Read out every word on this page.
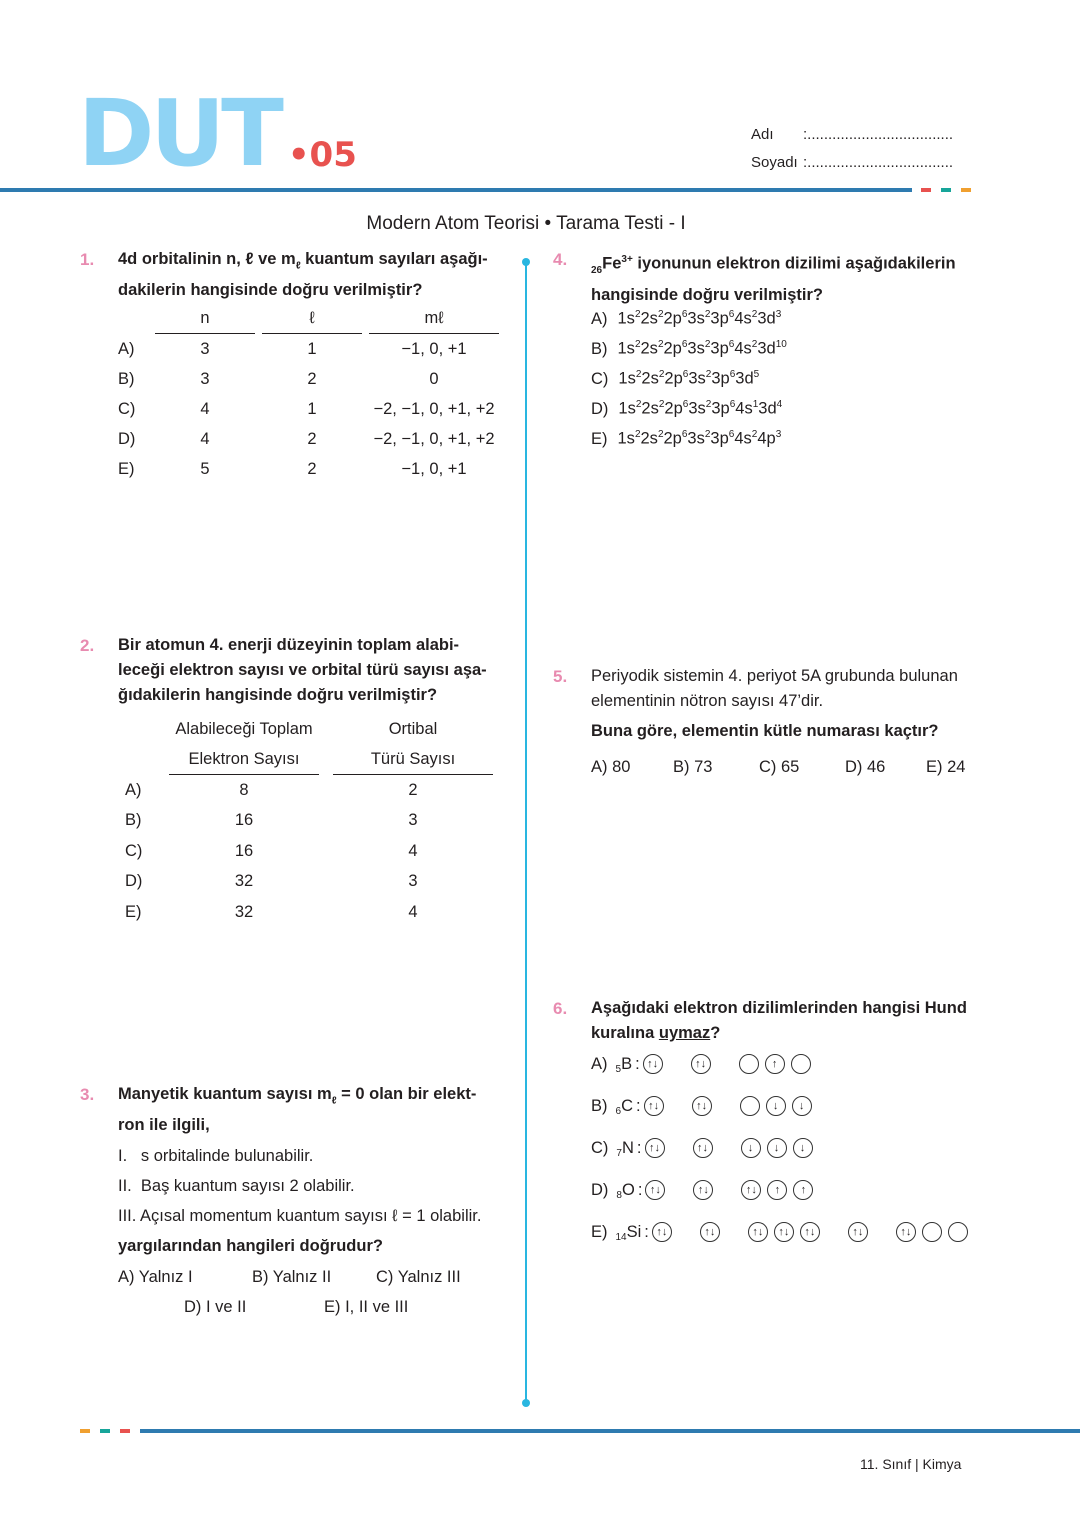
DUT •05
Adı :...................................
Soyadı :...................................
Modern Atom Teorisi • Tarama Testi - I
1. 4d orbitalinin n, ℓ ve $m_\ell$ kuantum sayıları aşağı-
dakilerin hangisinde doğru verilmiştir?
	n	ℓ	mℓ
A)	3	1	−1, 0, +1
B)	3	2	0
C)	4	1	−2, −1, 0, +1, +2
D)	4	2	−2, −1, 0, +1, +2
E)	5	2	−1, 0, +1
2. Bir atomun 4. enerji düzeyinin toplam alabi-
leceği elektron sayısı ve orbital türü sayısı aşa-
ğıdakilerin hangisinde doğru verilmiştir?
	Alabileceği Toplam	Ortibal
	Elektron Sayısı	Türü Sayısı
A)	8	2
B)	16	3
C)	16	4
D)	32	3
E)	32	4
3. Manyetik kuantum sayısı $m_\ell = 0$ olan bir elekt-
ron ile ilgili,
I.   s orbitalinde bulunabilir.
II.  Baş kuantum sayısı 2 olabilir.
III. Açısal momentum kuantum sayısı ℓ = 1 olabilir.
yargılarından hangileri doğrudur?
A) Yalnız I	B) Yalnız II	C) Yalnız III
D) I ve II	E) I, II ve III
4.
$_{26}Fe^{3+}$ iyonunun elektron dizilimi aşağıdakilerin
hangisinde doğru verilmiştir?
A) $1s^22s^22p^63s^23p^64s^23d^3$
B) $1s^22s^22p^63s^23p^64s^23d^{10}$
C) $1s^22s^22p^63s^23p^63d^5$
D) $1s^22s^22p^63s^23p^64s^13d^4$
E) $1s^22s^22p^63s^23p^64s^24p^3$
5. Periyodik sistemin 4. periyot 5A grubunda bulunan
elementinin nötron sayısı 47’dir.
Buna göre, elementin kütle numarası kaçtır?
A) 80	B) 73	C) 65	D) 46 E) 24
6. Aşağıdaki elektron dizilimlerinden hangisi Hund
kuralına uymaz?
A) $_5$ B : ↑↓	↑↓	↑
B) $_6$ C : ↑↓	↑↓	↓	↓
C) $_7$ N : ↑↓	↑↓	↓	↓	↓
D) $_8$ O : ↑↓	↑↓	↑↓	↑	↑
E) $_{14}$ Si : ↑↓	↑↓	↑↓	↑↓	↑↓	↑↓	↑↓
11. Sınıf | Kimya
